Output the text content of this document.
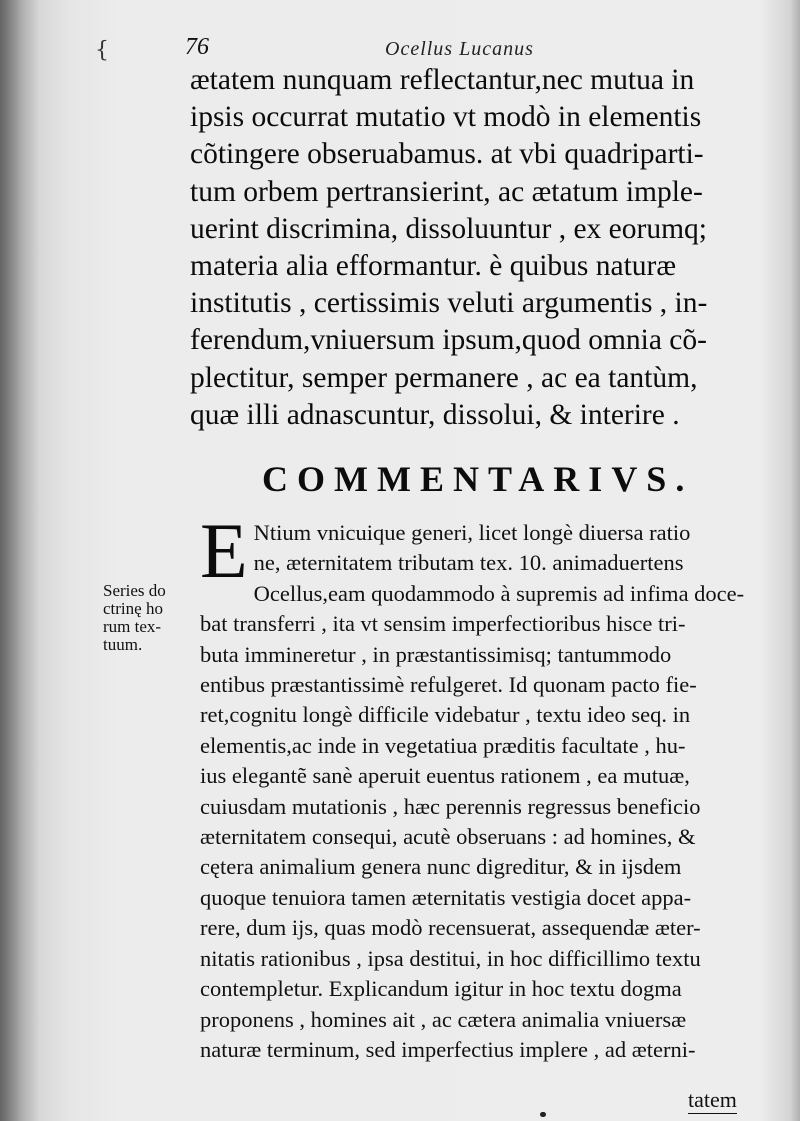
{	76	Ocellus Lucanus
ætatem nunquam reflectantur,nec mutua in
ipsis occurrat mutatio vt modò in elementis
cõtingere obseruabamus. at vbi quadriparti-
tum orbem pertransierint, ac ætatum imple-
uerint discrimina, dissoluuntur , ex eorumq;
materia alia efformantur. è quibus naturæ
institutis , certissimis veluti argumentis , in-
ferendum,vniuersum ipsum,quod omnia cõ-
plectitur, semper permanere , ac ea tantùm,
quæ illi adnascuntur, dissolui, & interire .
COMMENTARIVS.
Series do
ctrinę ho
rum tex-
tuum.
E Ntium vnicuique generi, licet longè diuersa ratio
ne, æternitatem tributam tex. 10. animaduertens
Ocellus,eam quodammodo à supremis ad infima doce-
bat transferri , ita vt sensim imperfectioribus hisce tri-
buta immineretur , in præstantissimisq; tantummodo
entibus præstantissimè refulgeret. Id quonam pacto fie-
ret,cognitu longè difficile videbatur , textu ideo seq. in
elementis,ac inde in vegetatiua præditis facultate , hu-
ius elegantẽ sanè aperuit euentus rationem , ea mutuæ,
cuiusdam mutationis , hæc perennis regressus beneficio
æternitatem consequi, acutè obseruans : ad homines, &
cętera animalium genera nunc digreditur, & in ijsdem
quoque tenuiora tamen æternitatis vestigia docet appa-
rere, dum ijs, quas modò recensuerat, assequendæ æter-
nitatis rationibus , ipsa destitui, in hoc difficillimo textu
contempletur. Explicandum igitur in hoc textu dogma
proponens , homines ait , ac cætera animalia vniuersæ
naturæ terminum, sed imperfectius implere , ad æterni-
tatem
